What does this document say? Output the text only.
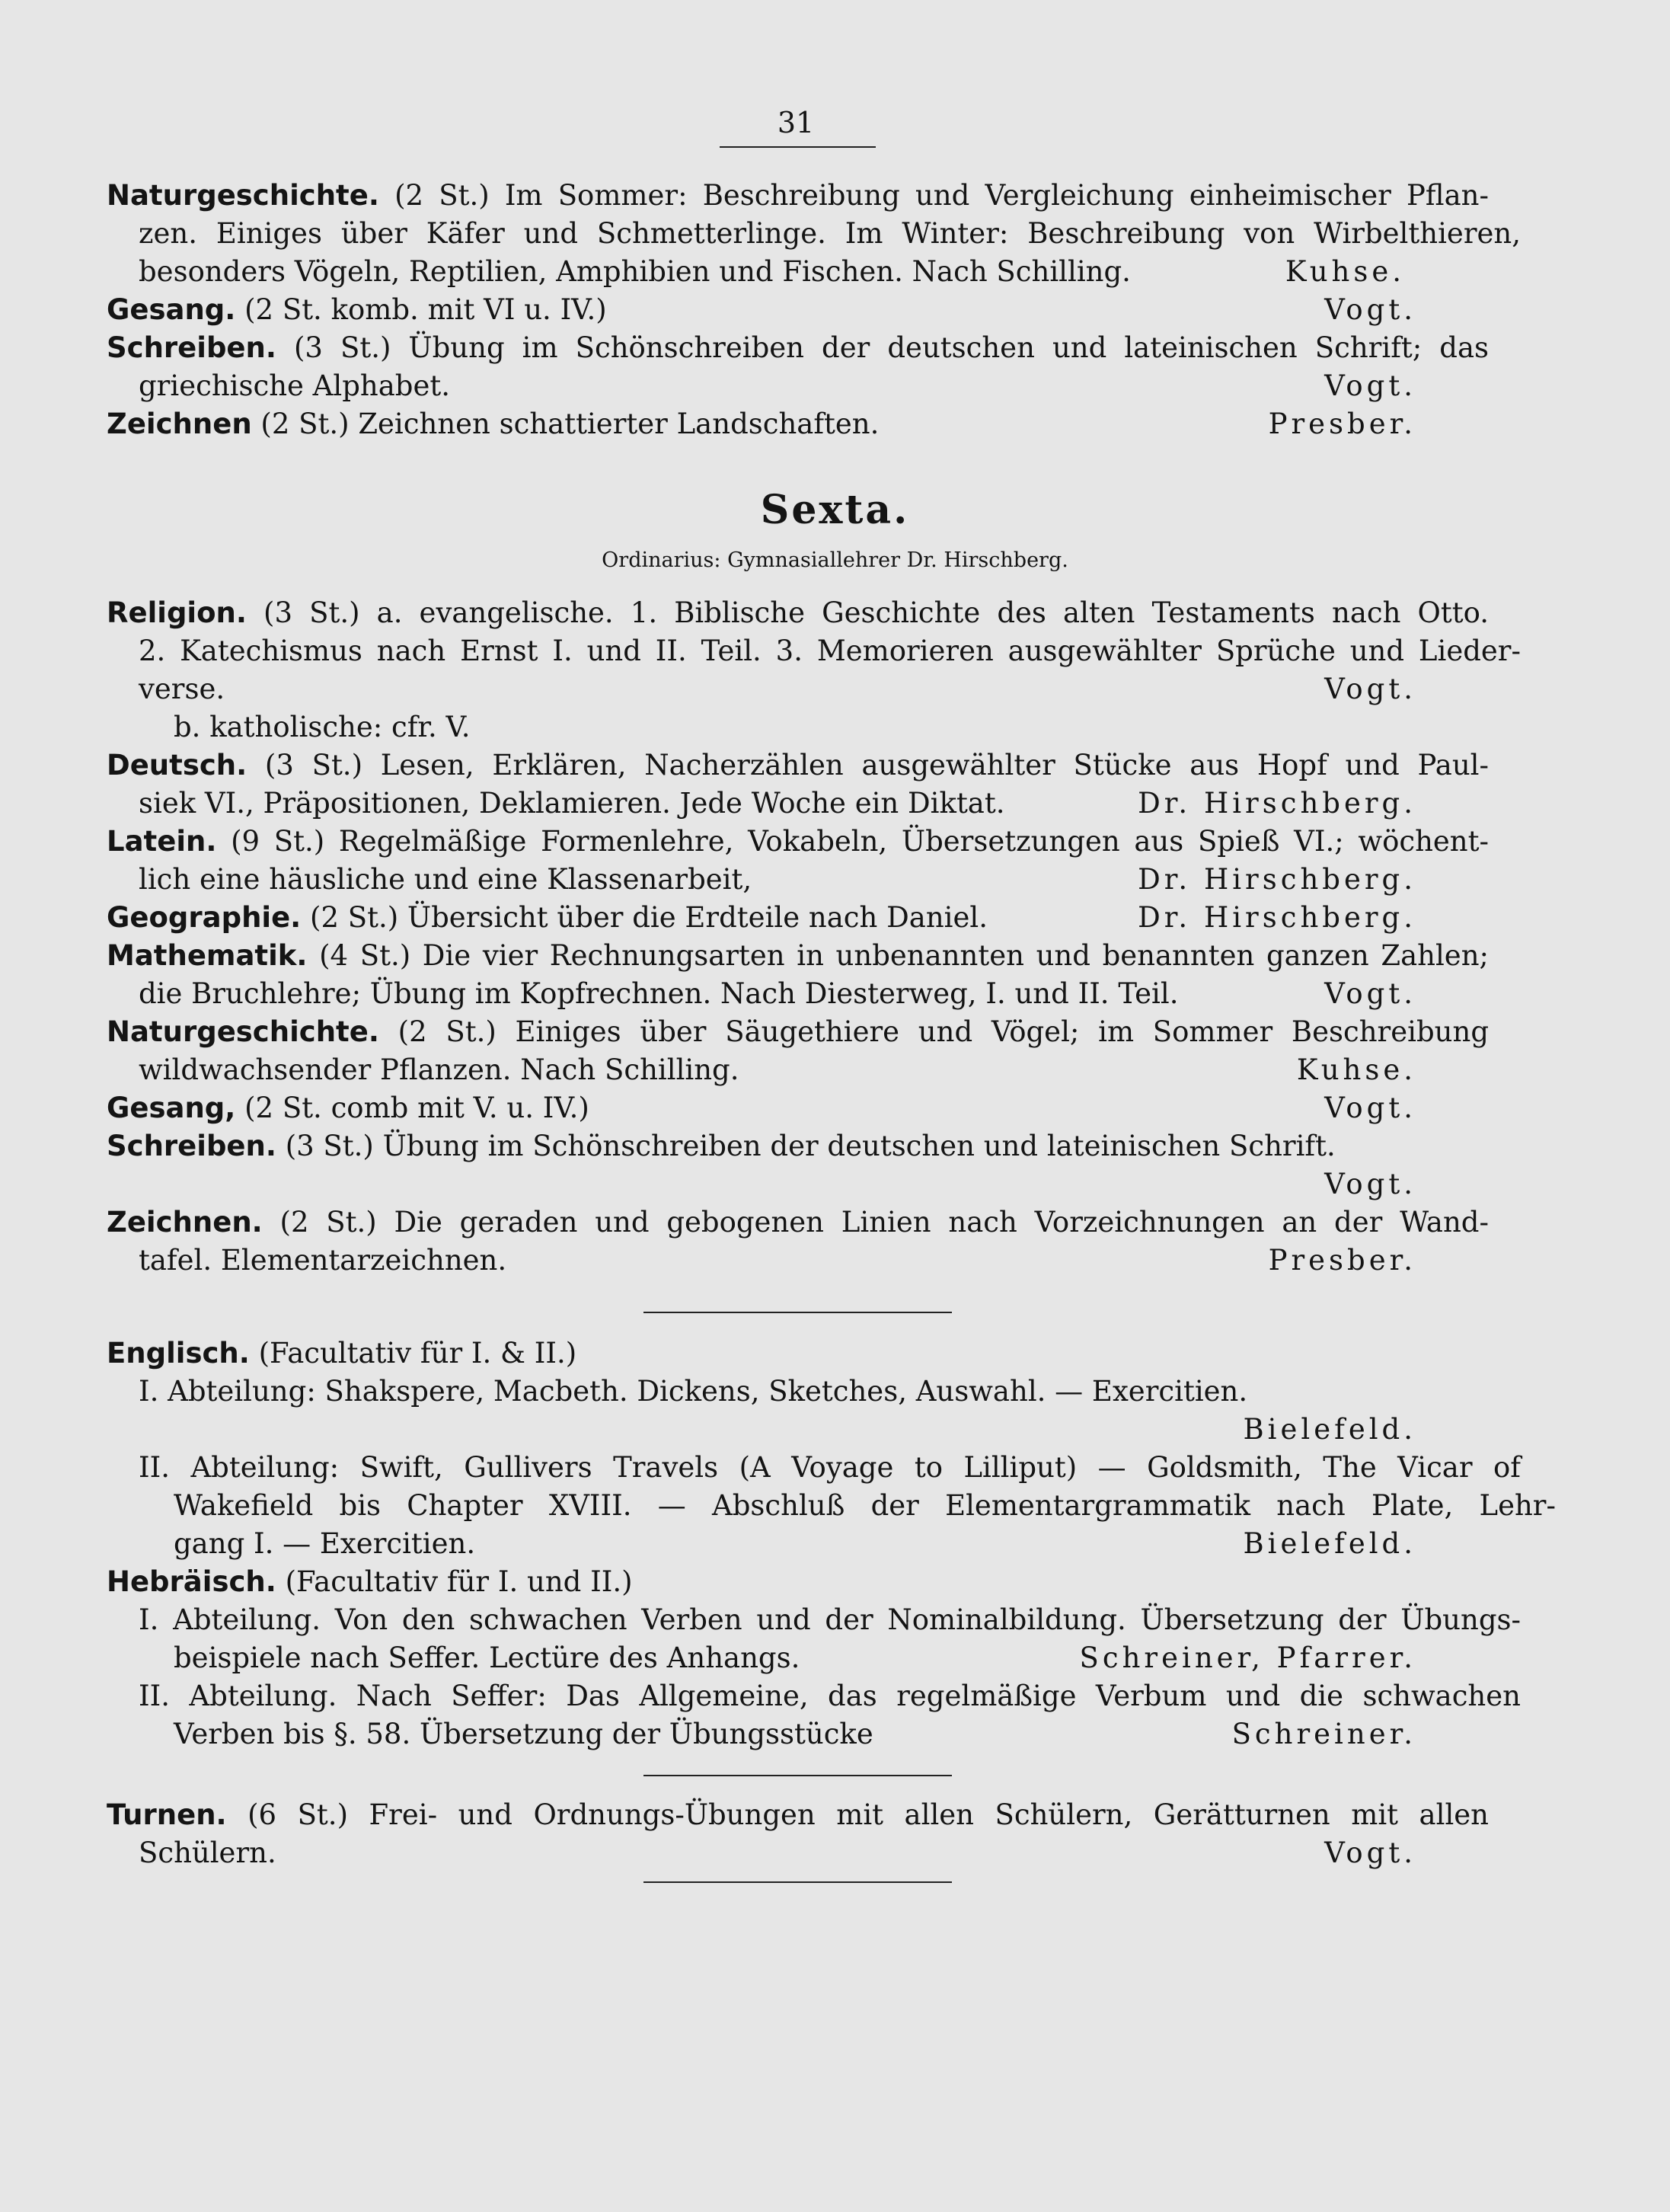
31
Naturgeschichte. (2 St.) Im Sommer: Beschreibung und Vergleichung einheimischer Pflan-
zen. Einiges über Käfer und Schmetterlinge. Im Winter: Beschreibung von Wirbelthieren,
besonders Vögeln, Reptilien, Amphibien und Fischen. Nach Schilling.	Kuhse.
Gesang. (2 St. komb. mit VI u. IV.)	Vogt.
Schreiben. (3 St.) Übung im Schönschreiben der deutschen und lateinischen Schrift; das
griechische Alphabet.	Vogt.
Zeichnen (2 St.) Zeichnen schattierter Landschaften.	Presber.
Sexta.
Ordinarius: Gymnasiallehrer Dr. Hirschberg.
Religion. (3 St.) a. evangelische. 1. Biblische Geschichte des alten Testaments nach Otto.
2. Katechismus nach Ernst I. und II. Teil. 3. Memorieren ausgewählter Sprüche und Lieder-
verse.	Vogt.
b. katholische: cfr. V.
Deutsch. (3 St.) Lesen, Erklären, Nacherzählen ausgewählter Stücke aus Hopf und Paul-
siek VI., Präpositionen, Deklamieren. Jede Woche ein Diktat.	Dr. Hirschberg.
Latein. (9 St.) Regelmäßige Formenlehre, Vokabeln, Übersetzungen aus Spieß VI.; wöchent-
lich eine häusliche und eine Klassenarbeit,	Dr. Hirschberg.
Geographie. (2 St.) Übersicht über die Erdteile nach Daniel.	Dr. Hirschberg.
Mathematik. (4 St.) Die vier Rechnungsarten in unbenannten und benannten ganzen Zahlen;
die Bruchlehre; Übung im Kopfrechnen. Nach Diesterweg, I. und II. Teil.	Vogt.
Naturgeschichte. (2 St.) Einiges über Säugethiere und Vögel; im Sommer Beschreibung
wildwachsender Pflanzen. Nach Schilling.	Kuhse.
Gesang, (2 St. comb mit V. u. IV.)	Vogt.
Schreiben. (3 St.) Übung im Schönschreiben der deutschen und lateinischen Schrift.
Vogt.
Zeichnen. (2 St.) Die geraden und gebogenen Linien nach Vorzeichnungen an der Wand-
tafel. Elementarzeichnen.	Presber.
Englisch. (Facultativ für I. & II.)
I. Abteilung: Shakspere, Macbeth. Dickens, Sketches, Auswahl. — Exercitien.
Bielefeld.
II. Abteilung: Swift, Gullivers Travels (A Voyage to Lilliput) — Goldsmith, The Vicar of
Wakefield bis Chapter XVIII. — Abschluß der Elementargrammatik nach Plate, Lehr-
gang I. — Exercitien.	Bielefeld.
Hebräisch. (Facultativ für I. und II.)
I. Abteilung. Von den schwachen Verben und der Nominalbildung. Übersetzung der Übungs-
beispiele nach Seffer. Lectüre des Anhangs.	Schreiner, Pfarrer.
II. Abteilung. Nach Seffer: Das Allgemeine, das regelmäßige Verbum und die schwachen
Verben bis §. 58. Übersetzung der Übungsstücke	Schreiner.
Turnen. (6 St.) Frei- und Ordnungs-Übungen mit allen Schülern, Gerätturnen mit allen
Schülern.	Vogt.
